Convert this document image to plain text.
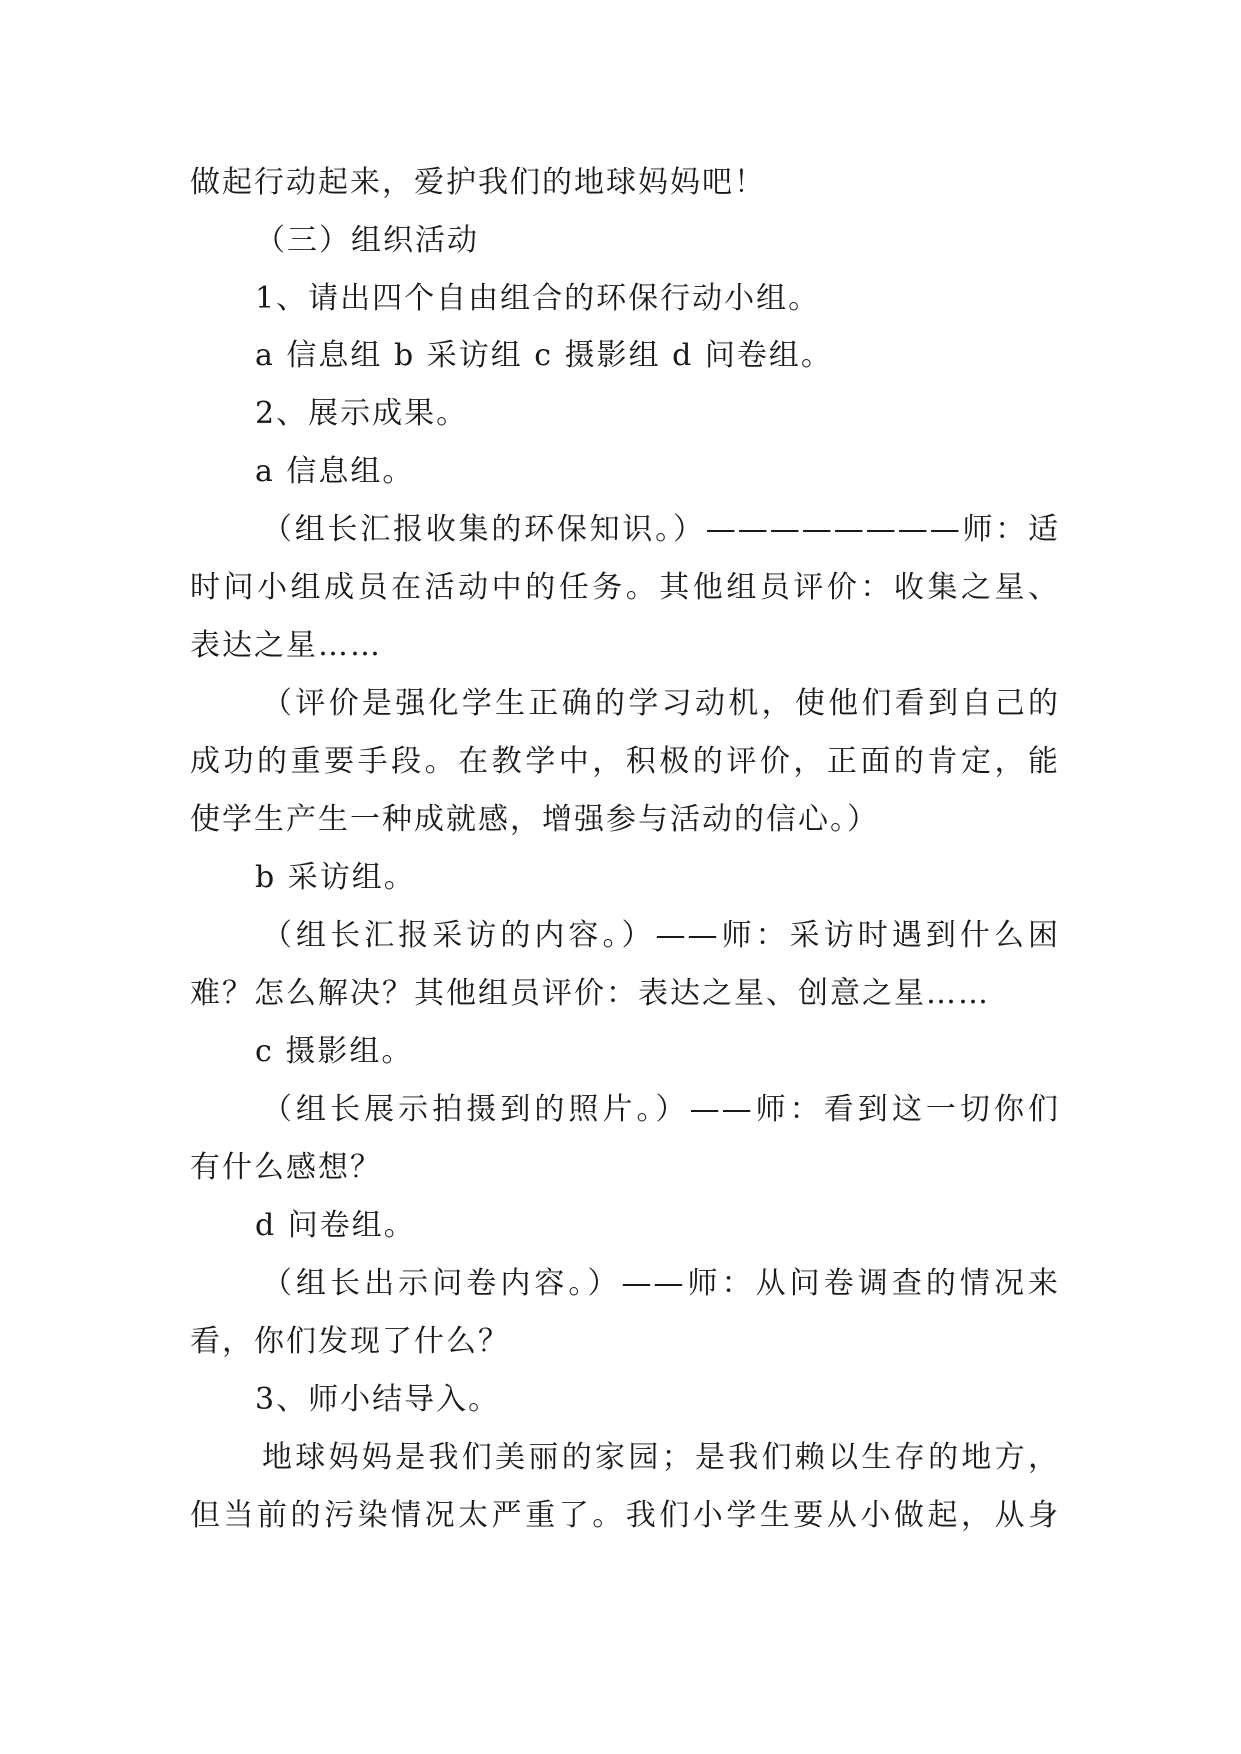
做起行动起来，爱护我们的地球妈妈吧！
（三）组织活动
1、请出四个自由组合的环保行动小组。
a 信息组 b 采访组 c 摄影组 d 问卷组。
2、展示成果。
a 信息组。
（组长汇报收集的环保知识。）————————师：适
时问小组成员在活动中的任务。其他组员评价：收集之星、
表达之星……
（评价是强化学生正确的学习动机，使他们看到自己的
成功的重要手段。在教学中，积极的评价，正面的肯定，能
使学生产生一种成就感，增强参与活动的信心。）
b 采访组。
（组长汇报采访的内容。）——师：采访时遇到什么困
难？怎么解决？其他组员评价：表达之星、创意之星……
c 摄影组。
（组长展示拍摄到的照片。）——师：看到这一切你们
有什么感想？
d 问卷组。
（组长出示问卷内容。）——师：从问卷调查的情况来
看，你们发现了什么？
3、师小结导入。
地球妈妈是我们美丽的家园；是我们赖以生存的地方，
但当前的污染情况太严重了。我们小学生要从小做起，从身
